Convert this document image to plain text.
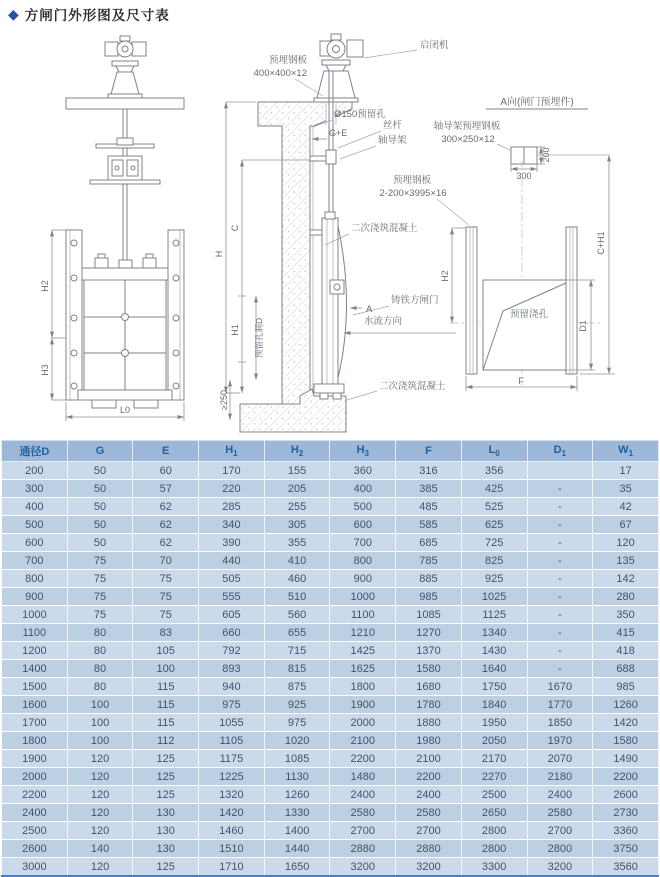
◆ 方闸门外形图及尺寸表
H2
H3
L0
启闭机
预埋钢板
400×400×12
Ø150预留孔
G+E
丝杆
轴导架
二次浇筑混凝土
铸铁方闸门
A
水流方向
二次浇筑混凝土
H
C
H1 预留孔洞D
≥250
A向(闸门预埋件)
轴导架预埋钢板
300×250×12
200
300
预埋钢板
2-200×3995×16
预留浇孔
H2
D1
C+H1
F
通径D	G	E	$H_1$	$H_2$	$H_3$	F	$L_0$	$D_1$	$W_1$
200	50	60	170	155	360	316	356		17
300	50	57	220	205	400	385	425	-	35
400	50	62	285	255	500	485	525	-	42
500	50	62	340	305	600	585	625	-	67
600	50	62	390	355	700	685	725	-	120
700	75	70	440	410	800	785	825	-	135
800	75	75	505	460	900	885	925	-	142
900	75	75	555	510	1000	985	1025	-	280
1000	75	75	605	560	1100	1085	1125	-	350
1100	80	83	660	655	1210	1270	1340	-	415
1200	80	105	792	715	1425	1370	1430	-	418
1400	80	100	893	815	1625	1580	1640	-	688
1500	80	115	940	875	1800	1680	1750	1670	985
1600	100	115	975	925	1900	1780	1840	1770	1260
1700	100	115	1055	975	2000	1880	1950	1850	1420
1800	100	112	1105	1020	2100	1980	2050	1970	1580
1900	120	125	1175	1085	2200	2100	2170	2070	1490
2000	120	125	1225	1130	1480	2200	2270	2180	2200
2200	120	125	1320	1260	2400	2400	2500	2400	2600
2400	120	130	1420	1330	2580	2580	2650	2580	2730
2500	120	130	1460	1400	2700	2700	2800	2700	3360
2600	140	130	1510	1440	2880	2880	2800	2800	3750
3000	120	125	1710	1650	3200	3200	3300	3200	3560
